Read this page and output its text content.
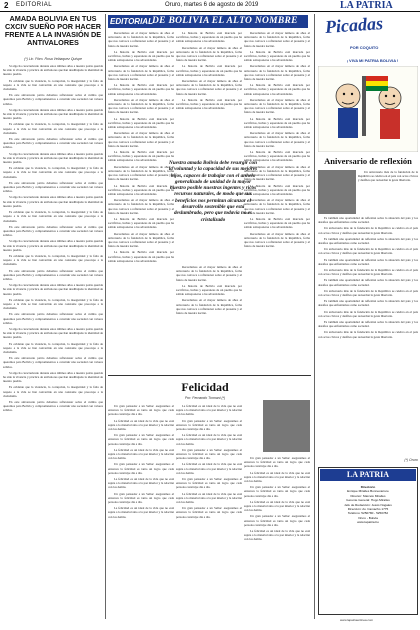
2 EDITORIAL	Oruro, martes 6 de agosto de 2019	LA PATRIA
AMADA BOLIVIA EN TUS CXCIV SUEÑO POR HACER FRENTE A LA INVASIÓN DE ANTIVALORES
(*) Lic. Pbro. Rosa Velázquez Quispe

Si algo ha caracterizado durante estos últimos años a nuestra patria querida ha sido la vivencia y práctica de antivalores que han desdibujado la identidad de nuestro pueblo.

Es evidente que la violencia, la corrupción, la inseguridad y la falta de respeto a la vida se han convertido en una constante que preocupa a la ciudadanía.

En este aniversario patrio debemos reflexionar sobre el rumbo que queremos para Bolivia y comprometernos a construir una sociedad con valores sólidos.

Si algo ha caracterizado durante estos últimos años a nuestra patria querida ha sido la vivencia y práctica de antivalores que han desdibujado la identidad de nuestro pueblo.

Es evidente que la violencia, la corrupción, la inseguridad y la falta de respeto a la vida se han convertido en una constante que preocupa a la ciudadanía.

En este aniversario patrio debemos reflexionar sobre el rumbo que queremos para Bolivia y comprometernos a construir una sociedad con valores sólidos.

Si algo ha caracterizado durante estos últimos años a nuestra patria querida ha sido la vivencia y práctica de antivalores que han desdibujado la identidad de nuestro pueblo.

Es evidente que la violencia, la corrupción, la inseguridad y la falta de respeto a la vida se han convertido en una constante que preocupa a la ciudadanía.

En este aniversario patrio debemos reflexionar sobre el rumbo que queremos para Bolivia y comprometernos a construir una sociedad con valores sólidos.

Si algo ha caracterizado durante estos últimos años a nuestra patria querida ha sido la vivencia y práctica de antivalores que han desdibujado la identidad de nuestro pueblo.

Es evidente que la violencia, la corrupción, la inseguridad y la falta de respeto a la vida se han convertido en una constante que preocupa a la ciudadanía.

En este aniversario patrio debemos reflexionar sobre el rumbo que queremos para Bolivia y comprometernos a construir una sociedad con valores sólidos.

Si algo ha caracterizado durante estos últimos años a nuestra patria querida ha sido la vivencia y práctica de antivalores que han desdibujado la identidad de nuestro pueblo.

Es evidente que la violencia, la corrupción, la inseguridad y la falta de respeto a la vida se han convertido en una constante que preocupa a la ciudadanía.

En este aniversario patrio debemos reflexionar sobre el rumbo que queremos para Bolivia y comprometernos a construir una sociedad con valores sólidos.

Si algo ha caracterizado durante estos últimos años a nuestra patria querida ha sido la vivencia y práctica de antivalores que han desdibujado la identidad de nuestro pueblo.

Es evidente que la violencia, la corrupción, la inseguridad y la falta de respeto a la vida se han convertido en una constante que preocupa a la ciudadanía.

En este aniversario patrio debemos reflexionar sobre el rumbo que queremos para Bolivia y comprometernos a construir una sociedad con valores sólidos.

Si algo ha caracterizado durante estos últimos años a nuestra patria querida ha sido la vivencia y práctica de antivalores que han desdibujado la identidad de nuestro pueblo.

Es evidente que la violencia, la corrupción, la inseguridad y la falta de respeto a la vida se han convertido en una constante que preocupa a la ciudadanía.

En este aniversario patrio debemos reflexionar sobre el rumbo que queremos para Bolivia y comprometernos a construir una sociedad con valores sólidos.

Si algo ha caracterizado durante estos últimos años a nuestra patria querida ha sido la vivencia y práctica de antivalores que han desdibujado la identidad de nuestro pueblo.

Es evidente que la violencia, la corrupción, la inseguridad y la falta de respeto a la vida se han convertido en una constante que preocupa a la ciudadanía.

En este aniversario patrio debemos reflexionar sobre el rumbo que queremos para Bolivia y comprometernos a construir una sociedad con valores sólidos.

EDITORIAL DE BOLIVIA EL ALTO NOMBRE

Recordamos en el mayor número de años el aniversario de la fundación de la República, fecha que nos convoca a reflexionar sobre el presente y el futuro de nuestra nación.

La historia de Bolivia está marcada por sacrificios, luchas y esperanzas de un pueblo que ha sabido sobreponerse a las adversidades.

Recordamos en el mayor número de años el aniversario de la fundación de la República, fecha que nos convoca a reflexionar sobre el presente y el futuro de nuestra nación.

La historia de Bolivia está marcada por sacrificios, luchas y esperanzas de un pueblo que ha sabido sobreponerse a las adversidades.

Recordamos en el mayor número de años el aniversario de la fundación de la República, fecha que nos convoca a reflexionar sobre el presente y el futuro de nuestra nación.

La historia de Bolivia está marcada por sacrificios, luchas y esperanzas de un pueblo que ha sabido sobreponerse a las adversidades.

Recordamos en el mayor número de años el aniversario de la fundación de la República, fecha que nos convoca a reflexionar sobre el presente y el futuro de nuestra nación.

La historia de Bolivia está marcada por sacrificios, luchas y esperanzas de un pueblo que ha sabido sobreponerse a las adversidades.

Recordamos en el mayor número de años el aniversario de la fundación de la República, fecha que nos convoca a reflexionar sobre el presente y el futuro de nuestra nación.

La historia de Bolivia está marcada por sacrificios, luchas y esperanzas de un pueblo que ha sabido sobreponerse a las adversidades.

Recordamos en el mayor número de años el aniversario de la fundación de la República, fecha que nos convoca a reflexionar sobre el presente y el futuro de nuestra nación.

La historia de Bolivia está marcada por sacrificios, luchas y esperanzas de un pueblo que ha sabido sobreponerse a las adversidades.

Recordamos en el mayor número de años el aniversario de la fundación de la República, fecha que nos convoca a reflexionar sobre el presente y el futuro de nuestra nación.

La historia de Bolivia está marcada por sacrificios, luchas y esperanzas de un pueblo que ha sabido sobreponerse a las adversidades.

La historia de Bolivia está marcada por sacrificios, luchas y esperanzas de un pueblo que ha sabido sobreponerse a las adversidades.

Recordamos en el mayor número de años el aniversario de la fundación de la República, fecha que nos convoca a reflexionar sobre el presente y el futuro de nuestra nación.

La historia de Bolivia está marcada por sacrificios, luchas y esperanzas de un pueblo que ha sabido sobreponerse a las adversidades.

Recordamos en el mayor número de años el aniversario de la fundación de la República, fecha que nos convoca a reflexionar sobre el presente y el futuro de nuestra nación.

La historia de Bolivia está marcada por sacrificios, luchas y esperanzas de un pueblo que ha sabido sobreponerse a las adversidades.

Recordamos en el mayor número de años el aniversario de la fundación de la República, fecha que nos convoca a reflexionar sobre el presente y el futuro de nuestra nación.

La historia de Bolivia está marcada por sacrificios, luchas y esperanzas de un pueblo que ha sabido sobreponerse a las adversidades.

Recordamos en el mayor número de años el aniversario de la fundación de la República, fecha que nos convoca a reflexionar sobre el presente y el futuro de nuestra nación.

La historia de Bolivia está marcada por sacrificios, luchas y esperanzas de un pueblo que ha sabido sobreponerse a las adversidades.

Recordamos en el mayor número de años el aniversario de la fundación de la República, fecha que nos convoca a reflexionar sobre el presente y el futuro de nuestra nación.

La historia de Bolivia está marcada por sacrificios, luchas y esperanzas de un pueblo que ha sabido sobreponerse a las adversidades.

Recordamos en el mayor número de años el aniversario de la fundación de la República, fecha que nos convoca a reflexionar sobre el presente y el futuro de nuestra nación.

La historia de Bolivia está marcada por sacrificios, luchas y esperanzas de un pueblo que ha sabido sobreponerse a las adversidades.

Recordamos en el mayor número de años el aniversario de la fundación de la República, fecha que nos convoca a reflexionar sobre el presente y el futuro de nuestra nación.

La historia de Bolivia está marcada por sacrificios, luchas y esperanzas de un pueblo que ha sabido sobreponerse a las adversidades.

Recordamos en el mayor número de años el aniversario de la fundación de la República, fecha que nos convoca a reflexionar sobre el presente y el futuro de nuestra nación.

La historia de Bolivia está marcada por sacrificios, luchas y esperanzas de un pueblo que ha sabido sobreponerse a las adversidades.

Recordamos en el mayor número de años el aniversario de la fundación de la República, fecha que nos convoca a reflexionar sobre el presente y el futuro de nuestra nación.

Nuestra amada Bolivia debe resurgir con la voluntad y la capacidad de sus mejores hijos, capaces de trabajar con el anhelo generalizado de unidad de la mayor nuestro posible nuestras ingentes y ricos recursos naturales, de modo que sus beneficios nos permitan alcanzar el desarrollo sostenible que está deslumbrado, pero que todavía no es cristalizado

Recordamos en el mayor número de años el aniversario de la fundación de la República, fecha que nos convoca a reflexionar sobre el presente y el futuro de nuestra nación.

La historia de Bolivia está marcada por sacrificios, luchas y esperanzas de un pueblo que ha sabido sobreponerse a las adversidades.

Recordamos en el mayor número de años el aniversario de la fundación de la República, fecha que nos convoca a reflexionar sobre el presente y el futuro de nuestra nación.

Felicidad
Por: Fernando Tonnani (*)

Un gran pensador a un Señor: aseguramos el entonces la felicidad es tanto un logro que cada persona construye día a día.

La felicidad es un ideal de la vida que no está sujeta a lo material sino a la paz interior y la relación con los demás.

Un gran pensador a un Señor: aseguramos el entonces la felicidad es tanto un logro que cada persona construye día a día.

La felicidad es un ideal de la vida que no está sujeta a lo material sino a la paz interior y la relación con los demás.

Un gran pensador a un Señor: aseguramos el entonces la felicidad es tanto un logro que cada persona construye día a día.

La felicidad es un ideal de la vida que no está sujeta a lo material sino a la paz interior y la relación con los demás.

Un gran pensador a un Señor: aseguramos el entonces la felicidad es tanto un logro que cada persona construye día a día.

La felicidad es un ideal de la vida que no está sujeta a lo material sino a la paz interior y la relación con los demás.

La felicidad es un ideal de la vida que no está sujeta a lo material sino a la paz interior y la relación con los demás.

Un gran pensador a un Señor: aseguramos el entonces la felicidad es tanto un logro que cada persona construye día a día.

La felicidad es un ideal de la vida que no está sujeta a lo material sino a la paz interior y la relación con los demás.

Un gran pensador a un Señor: aseguramos el entonces la felicidad es tanto un logro que cada persona construye día a día.

La felicidad es un ideal de la vida que no está sujeta a lo material sino a la paz interior y la relación con los demás.

Un gran pensador a un Señor: aseguramos el entonces la felicidad es tanto un logro que cada persona construye día a día.

La felicidad es un ideal de la vida que no está sujeta a lo material sino a la paz interior y la relación con los demás.

Un gran pensador a un Señor: aseguramos el entonces la felicidad es tanto un logro que cada persona construye día a día.

Un gran pensador a un Señor: aseguramos el entonces la felicidad es tanto un logro que cada persona construye día a día.

La felicidad es un ideal de la vida que no está sujeta a lo material sino a la paz interior y la relación con los demás.

Un gran pensador a un Señor: aseguramos el entonces la felicidad es tanto un logro que cada persona construye día a día.

La felicidad es un ideal de la vida que no está sujeta a lo material sino a la paz interior y la relación con los demás.

Un gran pensador a un Señor: aseguramos el entonces la felicidad es tanto un logro que cada persona construye día a día.

La felicidad es un ideal de la vida que no está sujeta a lo material sino a la paz interior y la relación con los demás.

Picadas
POR COQUITO
¡ VIVA MI PATRIA BOLIVIA !
Aniversario de reflexión

Un aniversario más de la fundación de la República se celebra en el país con actos cívicos y desfiles que recuerdan la gesta libertaria.

Es también una oportunidad de reflexión sobre la situación del país y los desafíos que enfrentamos como sociedad.

Un aniversario más de la fundación de la República se celebra en el país con actos cívicos y desfiles que recuerdan la gesta libertaria.

Es también una oportunidad de reflexión sobre la situación del país y los desafíos que enfrentamos como sociedad.

Un aniversario más de la fundación de la República se celebra en el país con actos cívicos y desfiles que recuerdan la gesta libertaria.

Es también una oportunidad de reflexión sobre la situación del país y los desafíos que enfrentamos como sociedad.

Un aniversario más de la fundación de la República se celebra en el país con actos cívicos y desfiles que recuerdan la gesta libertaria.

Es también una oportunidad de reflexión sobre la situación del país y los desafíos que enfrentamos como sociedad.

Un aniversario más de la fundación de la República se celebra en el país con actos cívicos y desfiles que recuerdan la gesta libertaria.

Es también una oportunidad de reflexión sobre la situación del país y los desafíos que enfrentamos como sociedad.

Un aniversario más de la fundación de la República se celebra en el país con actos cívicos y desfiles que recuerdan la gesta libertaria.

Es también una oportunidad de reflexión sobre la situación del país y los desafíos que enfrentamos como sociedad.

Un aniversario más de la fundación de la República se celebra en el país con actos cívicos y desfiles que recuerdan la gesta libertaria.

(*) Oruro
LA PATRIA
Directorio
Enrique Miralles Bonnecarrere
Director: Marcelo Miralles
Gerente General: Hugo Miralles
Jefe de Redacción: Jesús Nogales
Dirección: Av. Camacho 1775
Teléfono: 5250780 - 5250782
Oruro - Bolivia
www.lapatria.bo
www.lapatriaenlinea.com
